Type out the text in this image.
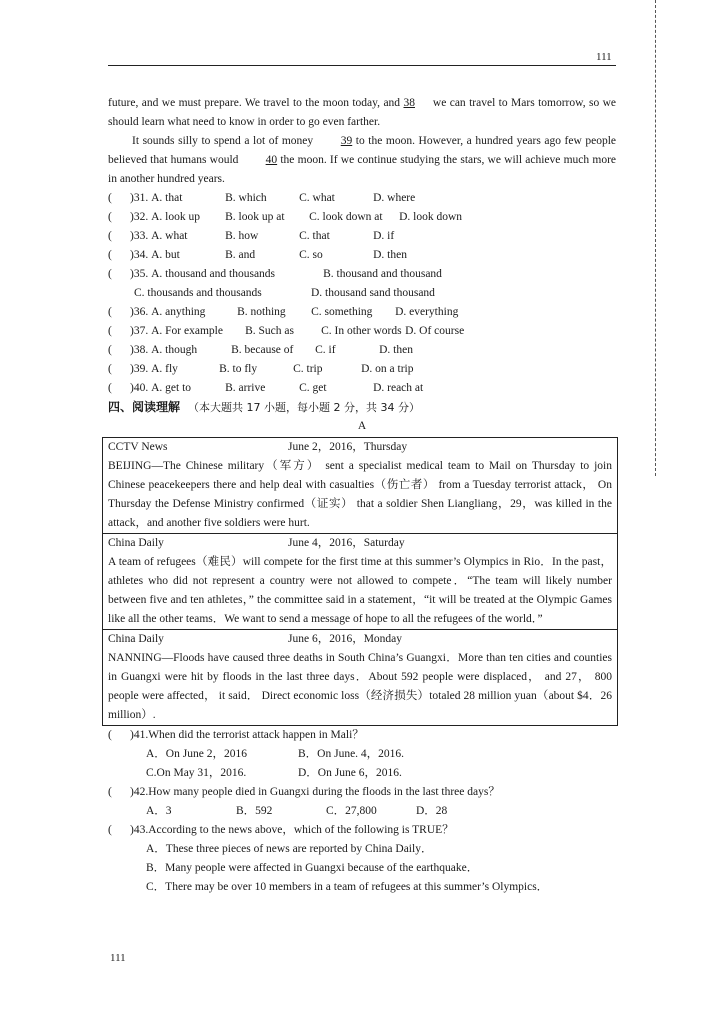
111
future, and we must prepare. We travel to the moon today, and 38 we can travel to Mars tomorrow, so we should learn what need to know in order to go even farther.
It sounds silly to spend a lot of money 39 to the moon. However, a hundred years ago few people believed that humans would 40 the moon. If we continue studying the stars, we will achieve much more in another hundred years.
( )31. A. that	B. which	C. what	D. where
( )32. A. look up B. look up at C. look down at D. look down
( )33. A. what	B. how	C. that	D. if
( )34. A. but	B. and	C. so	D. then
( )35. A. thousand and thousands	B. thousand and thousand
C. thousands and thousands	D. thousand sand thousand
( )36. A. anything	B. nothing C. something D. everything
( )37. A. For example B. Such as C. In other words D. Of course
( )38. A. though	B. because of C. if	D. then
( )39. A. fly	B. to fly	C. trip	D. on a trip
( )40. A. get to	B. arrive	C. get	D. reach at
四、阅读理解 （本大题共 17 小题，每小题 2 分，共 34 分）
A
CCTV News	June 2，2016，Thursday
BEIJING—The Chinese military（军方） sent a specialist medical team to Mail on Thursday to join Chinese peacekeepers there and help deal with casualties（伤亡者） from a Tuesday terrorist attack， On Thursday the Defense Ministry confirmed（证实） that a soldier Shen Liangliang，29，was killed in the attack，and another five soldiers were hurt.

China Daily	June 4，2016，Saturday
A team of refugees（难民）will compete for the first time at this summer’s Olympics in Rio．In the past，athletes who did not represent a country were not allowed to compete．“The team will likely number between five and ten athletes，” the committee said in a statement，“it will be treated at the Olympic Games like all the other teams．We want to send a message of hope to all the refugees of the world．”

China Daily	June 6，2016，Monday
NANNING—Floods have caused three deaths in South China’s Guangxi．More than ten cities and counties in Guangxi were hit by floods in the last three days．About 592 people were displaced， and 27， 800 people were affected， it said． Direct economic loss（经济损失）totaled 28 million yuan（about $4．26 million）.
( )41.When did the terrorist attack happen in Mali？
A．On June 2，2016	B．On June. 4，2016.
C.On May 31，2016.	D．On June 6，2016.
( )42.How many people died in Guangxi during the floods in the last three days？
A．3	B．592	C．27,800	D．28
( )43.According to the news above，which of the following is TRUE？
A．These three pieces of news are reported by China Daily．
B．Many people were affected in Guangxi because of the earthquake．
C．There may be over 10 members in a team of refugees at this summer’s Olympics．
111
